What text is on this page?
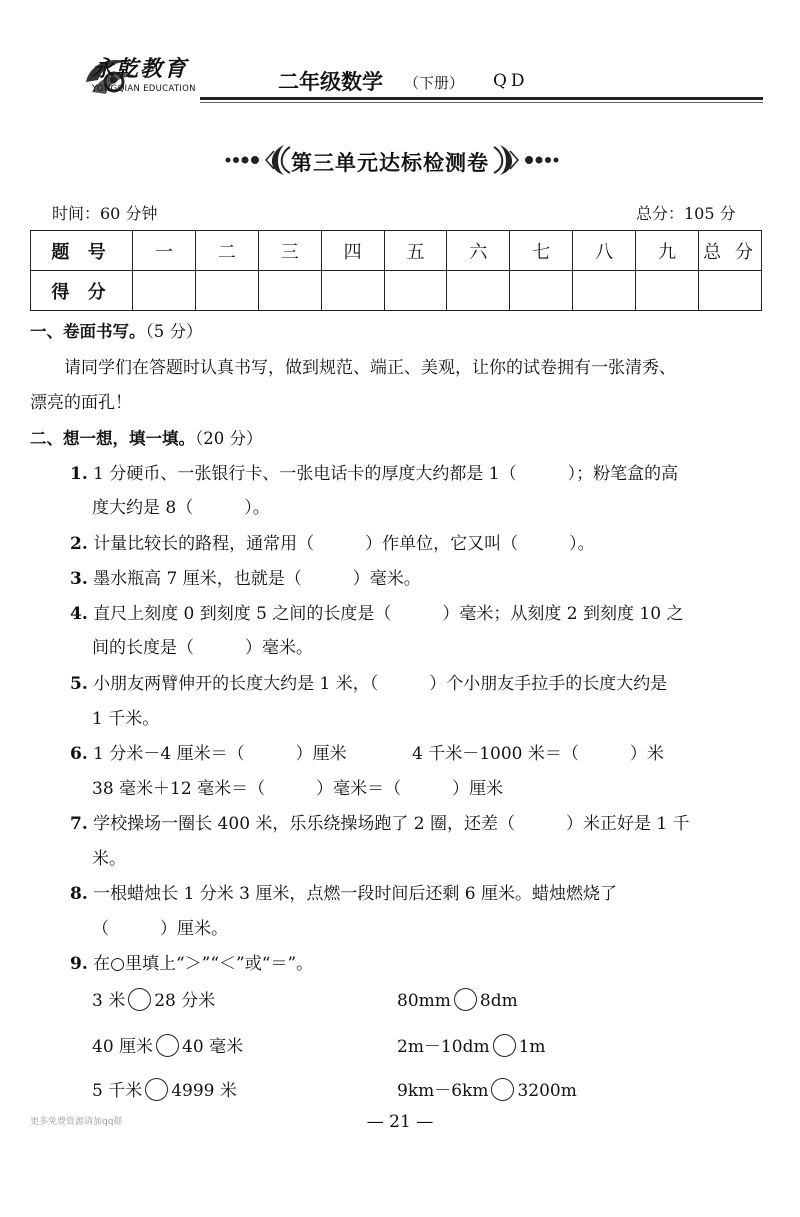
永乾教育
YONGQIAN EDUCATION	二年级数学 （下册） QD
第三单元达标检测卷
时间：60 分钟	总分：105 分
题 号	一	二	三	四	五	六	七	八	九	总 分
得 分										
一、卷面书写。（5 分）
请同学们在答题时认真书写，做到规范、端正、美观，让你的试卷拥有一张清秀、
漂亮的面孔！
二、想一想，填一填。（20 分）
1. 1 分硬币、一张银行卡、一张电话卡的厚度大约都是 1（　　　）；粉笔盒的高
度大约是 8（　　　）。
2. 计量比较长的路程，通常用（　　　）作单位，它又叫（　　　）。
3. 墨水瓶高 7 厘米，也就是（　　　）毫米。
4. 直尺上刻度 0 到刻度 5 之间的长度是（　　　）毫米；从刻度 2 到刻度 10 之
间的长度是（　　　）毫米。
5. 小朋友两臂伸开的长度大约是 1 米，（　　　）个小朋友手拉手的长度大约是
1 千米。
6. 1 分米－4 厘米＝（　　　）厘米	4 千米－1000 米＝（　　　）米
38 毫米＋12 毫米＝（　　　）毫米＝（　　　）厘米
7. 学校操场一圈长 400 米，乐乐绕操场跑了 2 圈，还差（　　　）米正好是 1 千
米。
8. 一根蜡烛长 1 分米 3 厘米，点燃一段时间后还剩 6 厘米。蜡烛燃烧了
（　　　）厘米。
9. 在○里填上“＞”“＜”或“＝”。
3 米 28 分米	80mm 8dm
40 厘米 40 毫米	2m－10dm 1m
5 千米 4999 米	9km－6km 3200m
更多免费资源请加qq群	— 21 —
